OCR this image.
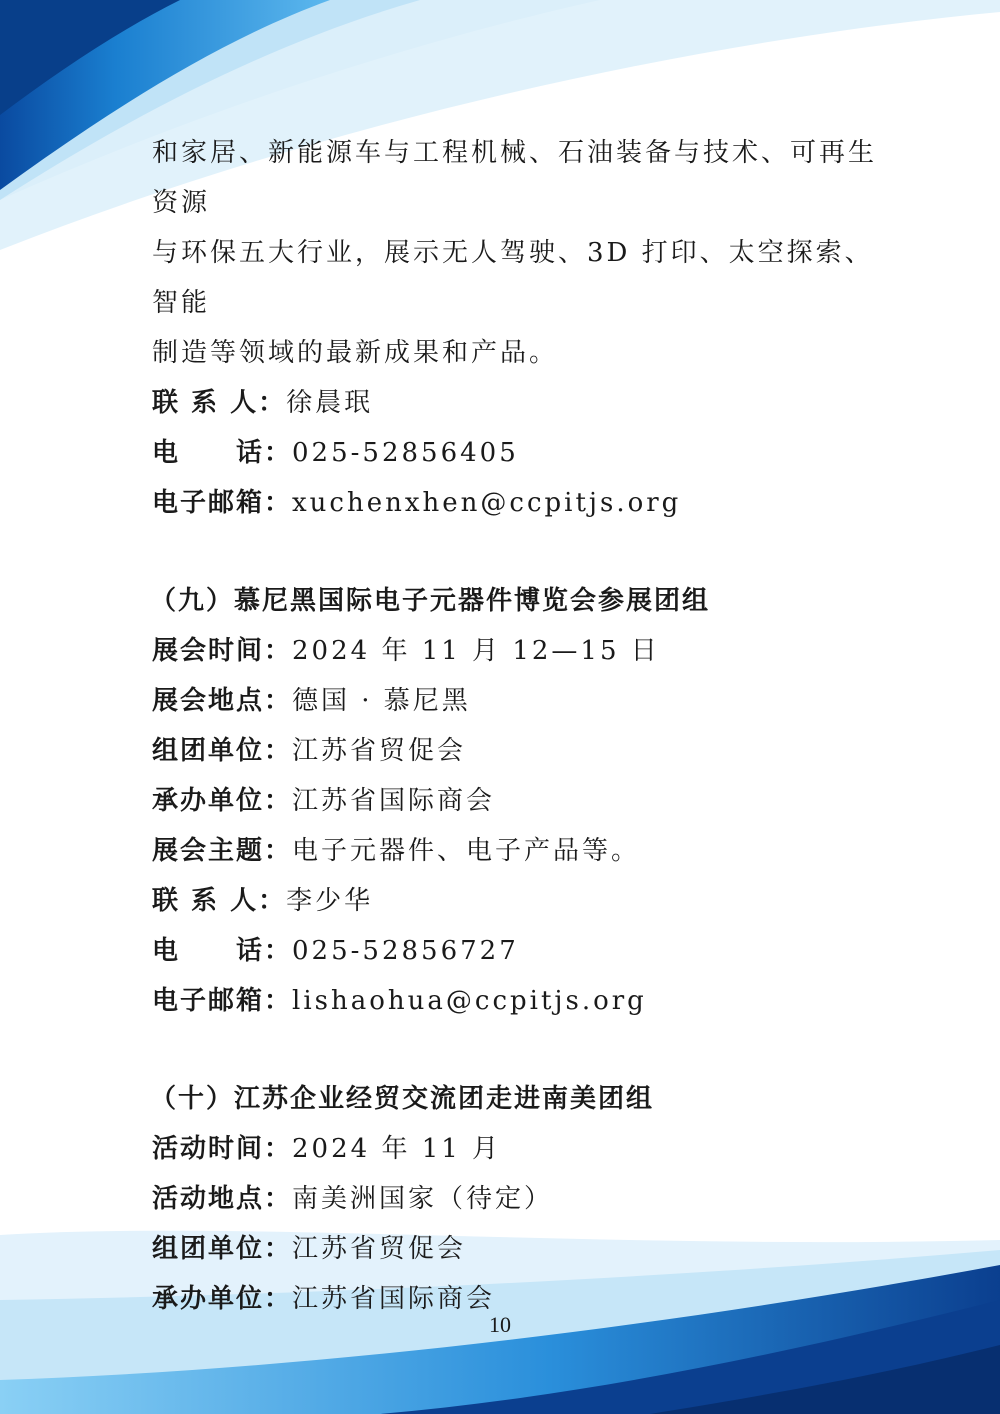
和家居、新能源车与工程机械、石油装备与技术、可再生资源

与环保五大行业，展示无人驾驶、3D 打印、太空探索、智能

制造等领域的最新成果和产品。

联 系 人：徐晨珉
电　　话：025-52856405
电子邮箱：xuchenxhen@ccpitjs.org
（九）慕尼黑国际电子元器件博览会参展团组
展会时间：2024 年 11 月 12—15 日
展会地点：德国 · 慕尼黑
组团单位：江苏省贸促会
承办单位：江苏省国际商会
展会主题：电子元器件、电子产品等。
联 系 人：李少华
电　　话：025-52856727
电子邮箱：lishaohua@ccpitjs.org
（十）江苏企业经贸交流团走进南美团组
活动时间：2024 年 11 月
活动地点：南美洲国家（待定）
组团单位：江苏省贸促会
承办单位：江苏省国际商会
10
